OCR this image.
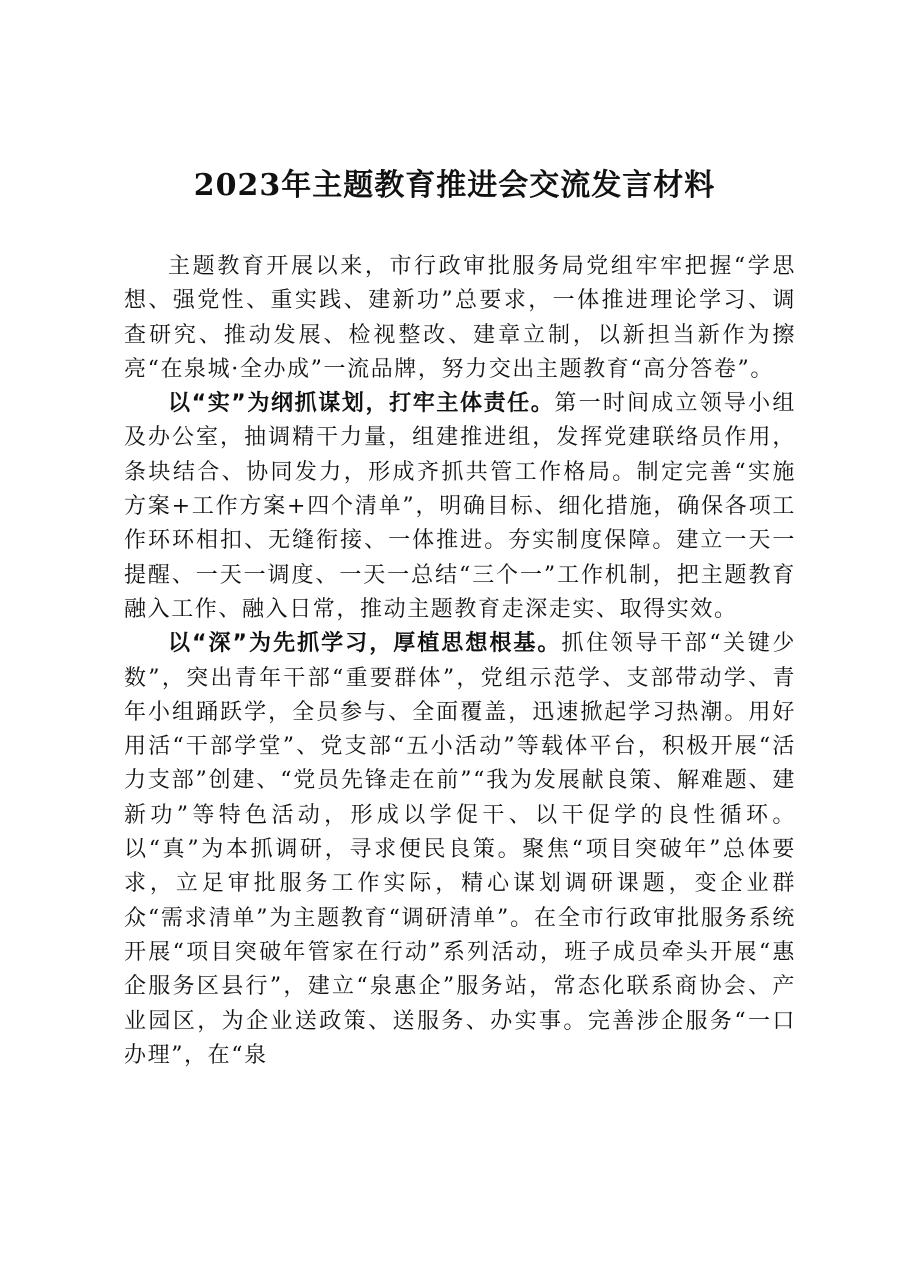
2023年主题教育推进会交流发言材料

主题教育开展以来，市行政审批服务局党组牢牢把握“学思想、强党性、重实践、建新功”总要求，一体推进理论学习、调查研究、推动发展、检视整改、建章立制，以新担当新作为擦亮“在泉城·全办成”一流品牌，努力交出主题教育“高分答卷”。

以“实”为纲抓谋划，打牢主体责任。第一时间成立领导小组及办公室，抽调精干力量，组建推进组，发挥党建联络员作用，条块结合、协同发力，形成齐抓共管工作格局。制定完善“实施方案+工作方案+四个清单”，明确目标、细化措施，确保各项工作环环相扣、无缝衔接、一体推进。夯实制度保障。建立一天一提醒、一天一调度、一天一总结“三个一”工作机制，把主题教育融入工作、融入日常，推动主题教育走深走实、取得实效。

以“深”为先抓学习，厚植思想根基。抓住领导干部“关键少数”，突出青年干部“重要群体”，党组示范学、支部带动学、青年小组踊跃学，全员参与、全面覆盖，迅速掀起学习热潮。用好用活“干部学堂”、党支部“五小活动”等载体平台，积极开展“活力支部”创建、“党员先锋走在前”“我为发展献良策、解难题、建新功”等特色活动，形成以学促干、以干促学的良性循环。以“真”为本抓调研，寻求便民良策。聚焦“项目突破年”总体要求，立足审批服务工作实际，精心谋划调研课题，变企业群众“需求清单”为主题教育“调研清单”。在全市行政审批服务系统开展“项目突破年管家在行动”系列活动，班子成员牵头开展“惠企服务区县行”，建立“泉惠企”服务站，常态化联系商协会、产业园区，为企业送政策、送服务、办实事。完善涉企服务“一口办理”，在“泉
